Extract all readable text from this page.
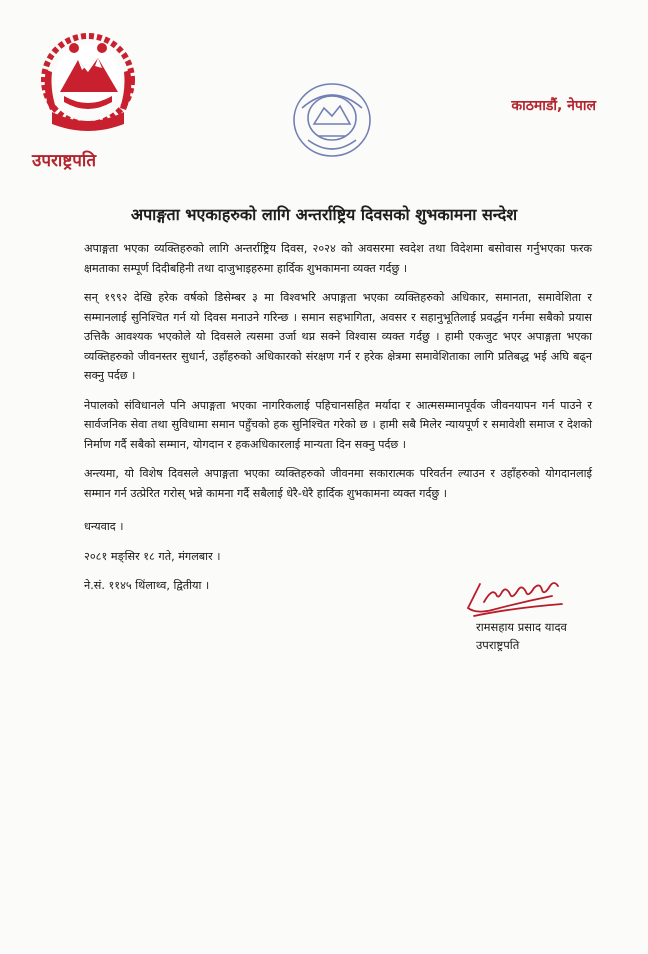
उपराष्ट्रपति
काठमाडौं, नेपाल
अपाङ्गता भएकाहरुको लागि अन्तर्राष्ट्रिय दिवसको शुभकामना सन्देश

अपाङ्गता भएका व्यक्तिहरुको लागि अन्तर्राष्ट्रिय दिवस, २०२४ को अवसरमा स्वदेश तथा विदेशमा बसोवास गर्नुभएका फरक क्षमताका सम्पूर्ण दिदीबहिनी तथा दाजुभाइहरुमा हार्दिक शुभकामना व्यक्त गर्दछु ।

सन् १९९२ देखि हरेक वर्षको डिसेम्बर ३ मा विश्वभरि अपाङ्गता भएका व्यक्तिहरुको अधिकार, समानता, समावेशिता र सम्मानलाई सुनिश्चित गर्न यो दिवस मनाउने गरिन्छ । समान सहभागिता, अवसर र सहानुभूतिलाई प्रवर्द्धन गर्नमा सबैको प्रयास उत्तिकै आवश्यक भएकोले यो दिवसले त्यसमा उर्जा थप्न सक्ने विश्वास व्यक्त गर्दछु । हामी एकजुट भएर अपाङ्गता भएका व्यक्तिहरुको जीवनस्तर सुधार्न, उहाँहरुको अधिकारको संरक्षण गर्न र हरेक क्षेत्रमा समावेशिताका लागि प्रतिबद्ध भई अघि बढ्न सक्नु पर्दछ ।

नेपालको संविधानले पनि अपाङ्गता भएका नागरिकलाई पहिचानसहित मर्यादा र आत्मसम्मानपूर्वक जीवनयापन गर्न पाउने र सार्वजनिक सेवा तथा सुविधामा समान पहुँचको हक सुनिश्चित गरेको छ । हामी सबै मिलेर न्यायपूर्ण र समावेशी समाज र देशको निर्माण गर्दै सबैको सम्मान, योगदान र हकअधिकारलाई मान्यता दिन सक्नु पर्दछ ।

अन्त्यमा, यो विशेष दिवसले अपाङ्गता भएका व्यक्तिहरुको जीवनमा सकारात्मक परिवर्तन ल्याउन र उहाँहरुको योगदानलाई सम्मान गर्न उत्प्रेरित गरोस् भन्ने कामना गर्दै सबैलाई धेरै-धेरै हार्दिक शुभकामना व्यक्त गर्दछु ।

धन्यवाद ।

२०८१ मङ्सिर १८ गते, मंगलबार ।

ने.सं. ११४५ थिंलाथ्व, द्वितीया ।

रामसहाय प्रसाद यादव
उपराष्ट्रपति
